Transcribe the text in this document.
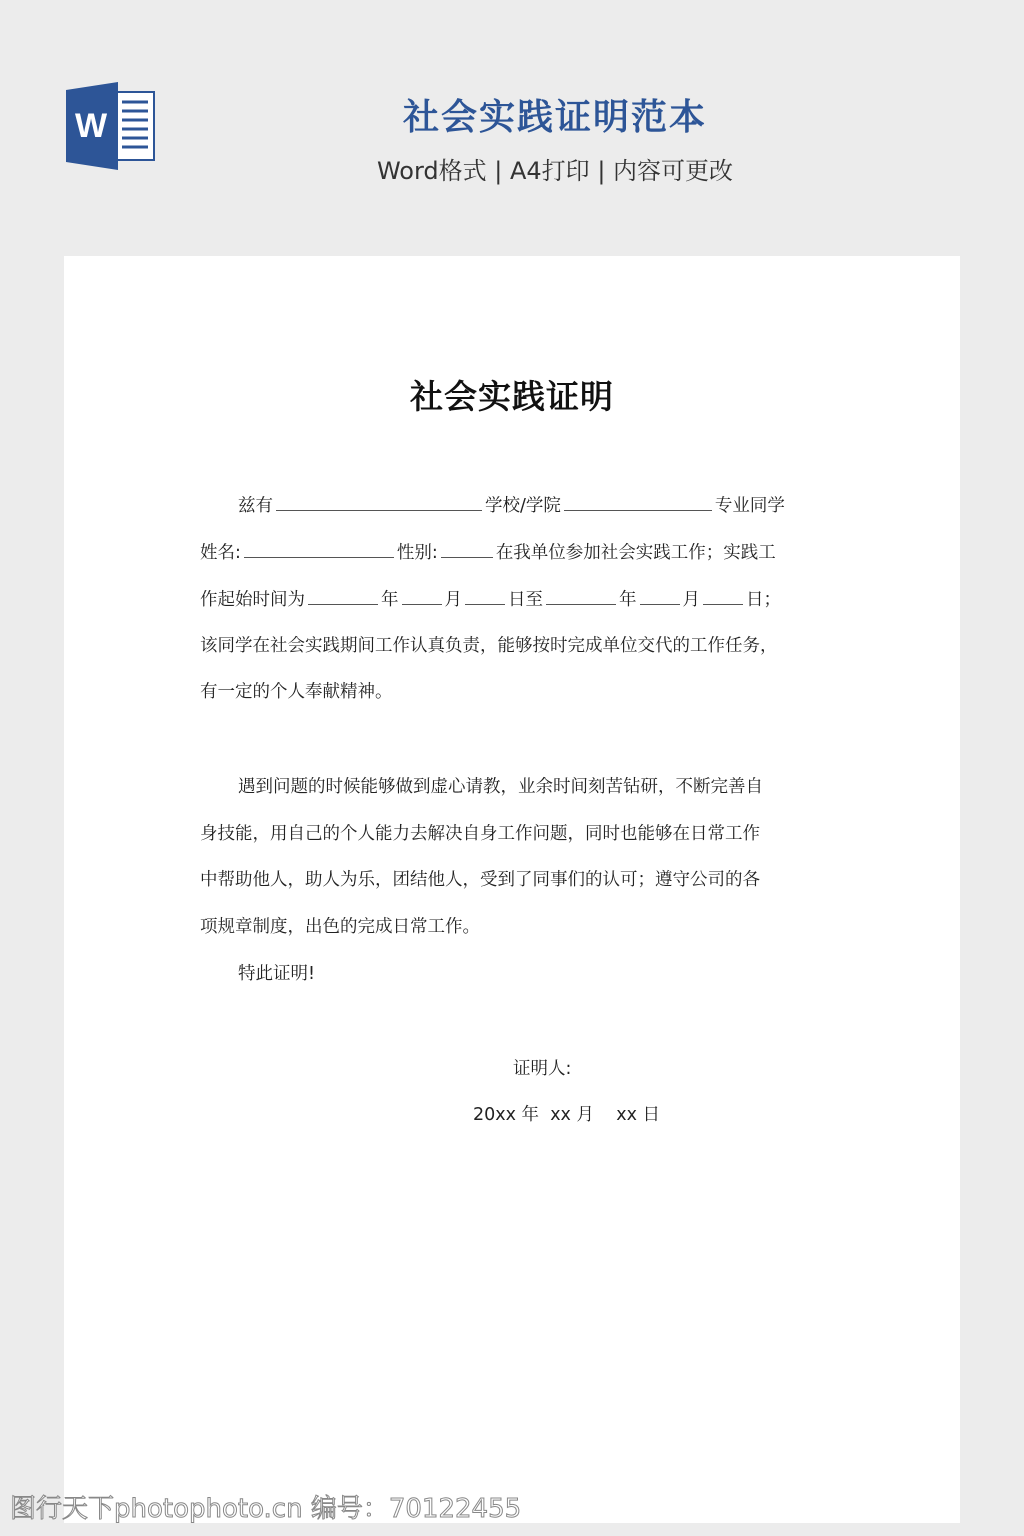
W	社会实践证明范本
Word格式 | A4打印 | 内容可更改
社会实践证明
兹有	学校/学院	专业同学
姓名:	性别:	在我单位参加社会实践工作；实践工
作起始时间为	年	月	日至	年	月	日；
该同学在社会实践期间工作认真负责，能够按时完成单位交代的工作任务，
有一定的个人奉献精神。
遇到问题的时候能够做到虚心请教，业余时间刻苦钻研，不断完善自
身技能，用自己的个人能力去解决自身工作问题，同时也能够在日常工作
中帮助他人，助人为乐，团结他人，受到了同事们的认可；遵守公司的各
项规章制度，出色的完成日常工作。
特此证明!
证明人:
20xx 年 xx 月 xx 日
图行天下photophoto.cn 编号：70122455
